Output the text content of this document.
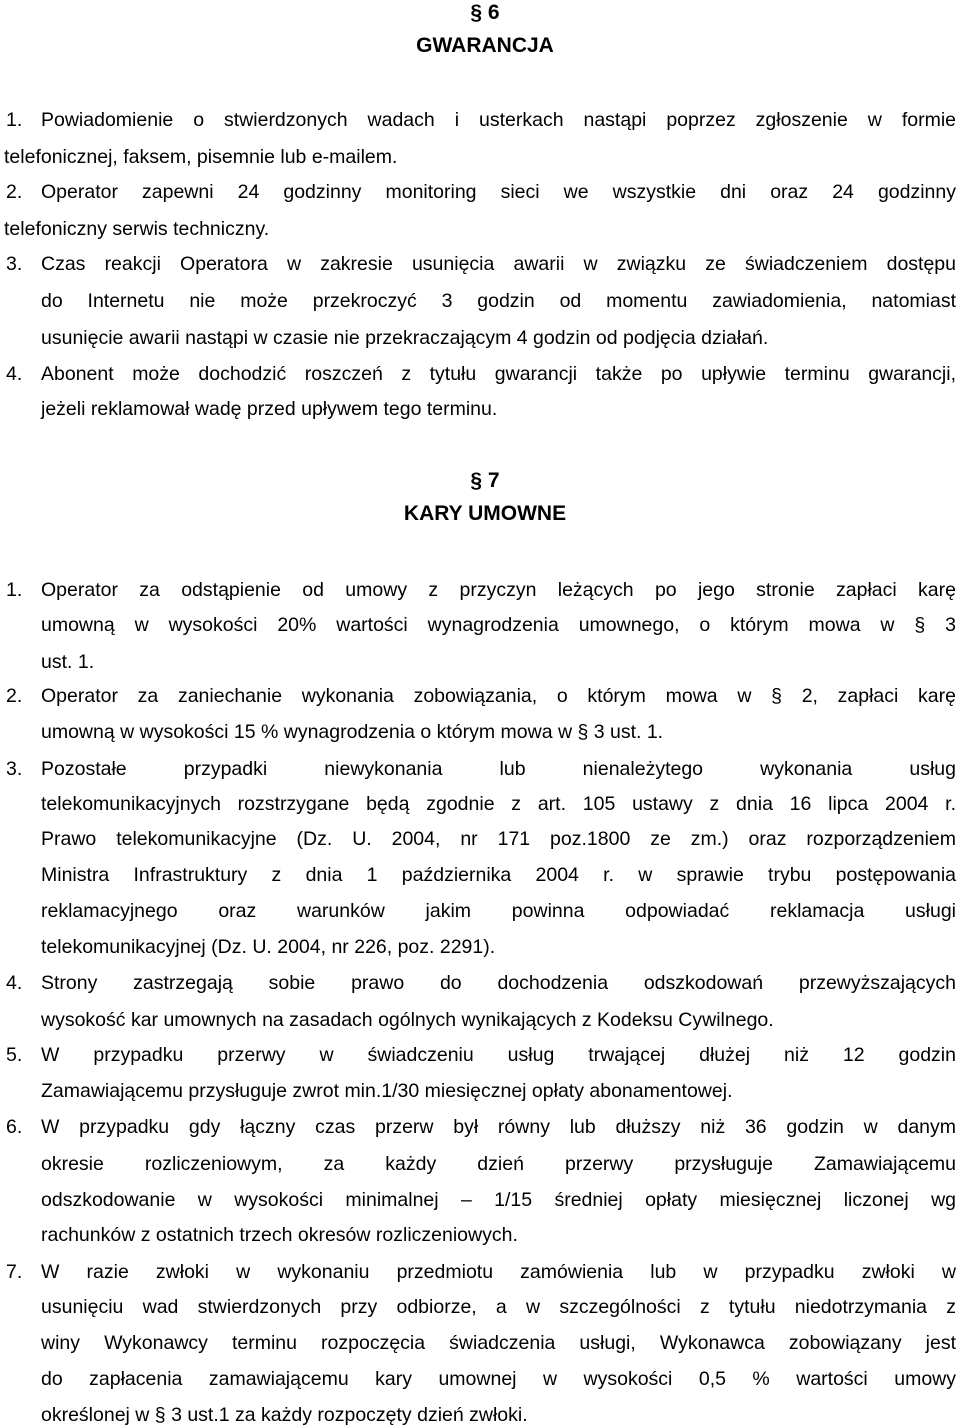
§ 6
GWARANCJA
1. Powiadomienie o stwierdzonych wadach i usterkach nastąpi poprzez zgłoszenie w formie
telefonicznej, faksem, pisemnie lub e-mailem.
2. Operator zapewni 24 godzinny monitoring sieci we wszystkie dni oraz 24 godzinny
telefoniczny serwis techniczny.
3. Czas reakcji Operatora w zakresie usunięcia awarii w związku ze świadczeniem dostępu
do Internetu nie może przekroczyć 3 godzin od momentu zawiadomienia, natomiast
usunięcie awarii nastąpi w czasie nie przekraczającym 4 godzin od podjęcia działań.
4. Abonent może dochodzić roszczeń z tytułu gwarancji także po upływie terminu gwarancji,
jeżeli reklamował wadę przed upływem tego terminu.
§ 7
KARY UMOWNE
1. Operator za odstąpienie od umowy z przyczyn leżących po jego stronie zapłaci karę
umowną w wysokości 20% wartości wynagrodzenia umownego, o którym mowa w § 3
ust. 1.
2. Operator za zaniechanie wykonania zobowiązania, o którym mowa w § 2, zapłaci karę
umowną w wysokości 15 % wynagrodzenia o którym mowa w § 3 ust. 1.
3. Pozostałe przypadki niewykonania lub nienależytego wykonania usług
telekomunikacyjnych rozstrzygane będą zgodnie z art. 105 ustawy z dnia 16 lipca 2004 r.
Prawo telekomunikacyjne (Dz. U. 2004, nr 171 poz.1800 ze zm.) oraz rozporządzeniem
Ministra Infrastruktury z dnia 1 października 2004 r. w sprawie trybu postępowania
reklamacyjnego oraz warunków jakim powinna odpowiadać reklamacja usługi
telekomunikacyjnej (Dz. U. 2004, nr 226, poz. 2291).
4. Strony zastrzegają sobie prawo do dochodzenia odszkodowań przewyższających
wysokość kar umownych na zasadach ogólnych wynikających z Kodeksu Cywilnego.
5. W przypadku przerwy w świadczeniu usług trwającej dłużej niż 12 godzin
Zamawiającemu przysługuje zwrot min.1/30 miesięcznej opłaty abonamentowej.
6. W przypadku gdy łączny czas przerw był równy lub dłuższy niż 36 godzin w danym
okresie rozliczeniowym, za każdy dzień przerwy przysługuje Zamawiającemu
odszkodowanie w wysokości minimalnej – 1/15 średniej opłaty miesięcznej liczonej wg
rachunków z ostatnich trzech okresów rozliczeniowych.
7. W razie zwłoki w wykonaniu przedmiotu zamówienia lub w przypadku zwłoki w
usunięciu wad stwierdzonych przy odbiorze, a w szczególności z tytułu niedotrzymania z
winy Wykonawcy terminu rozpoczęcia świadczenia usługi, Wykonawca zobowiązany jest
do zapłacenia zamawiającemu kary umownej w wysokości 0,5 % wartości umowy
określonej w § 3 ust.1 za każdy rozpoczęty dzień zwłoki.
